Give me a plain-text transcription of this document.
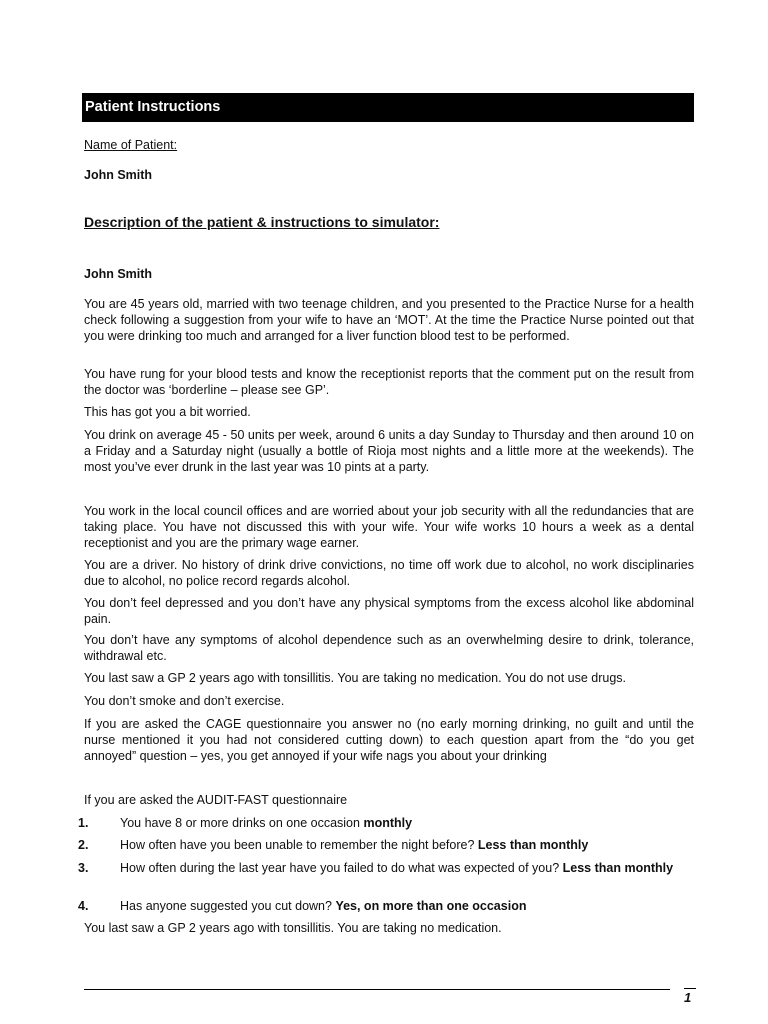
Patient Instructions
Name of Patient:
John Smith
Description of the patient & instructions to simulator:
John Smith

You are 45 years old, married with two teenage children, and you presented to the Practice Nurse for a health check following a suggestion from your wife to have an ‘MOT’. At the time the Practice Nurse pointed out that you were drinking too much and arranged for a liver function blood test to be performed.

You have rung for your blood tests and know the receptionist reports that the comment put on the result from the doctor was ‘borderline – please see GP’.

This has got you a bit worried.

You drink on average 45 - 50 units per week, around 6 units a day Sunday to Thursday and then around 10 on a Friday and a Saturday night (usually a bottle of Rioja most nights and a little more at the weekends). The most you’ve ever drunk in the last year was 10 pints at a party.

You work in the local council offices and are worried about your job security with all the redundancies that are taking place. You have not discussed this with your wife. Your wife works 10 hours a week as a dental receptionist and you are the primary wage earner.

You are a driver. No history of drink drive convictions, no time off work due to alcohol, no work disciplinaries due to alcohol, no police record regards alcohol.

You don’t feel depressed and you don’t have any physical symptoms from the excess alcohol like abdominal pain.

You don’t have any symptoms of alcohol dependence such as an overwhelming desire to drink, tolerance, withdrawal etc.

You last saw a GP 2 years ago with tonsillitis. You are taking no medication. You do not use drugs.

You don’t smoke and don’t exercise.

If you are asked the CAGE questionnaire you answer no (no early morning drinking, no guilt and until the nurse mentioned it you had not considered cutting down) to each question apart from the “do you get annoyed” question – yes, you get annoyed if your wife nags you about your drinking

If you are asked the AUDIT-FAST questionnaire
1.	You have 8 or more drinks on one occasion monthly
2.	How often have you been unable to remember the night before? Less than monthly
3.	How often during the last year have you failed to do what was expected of you? Less than monthly
4.	Has anyone suggested you cut down? Yes, on more than one occasion
You last saw a GP 2 years ago with tonsillitis. You are taking no medication.
1
